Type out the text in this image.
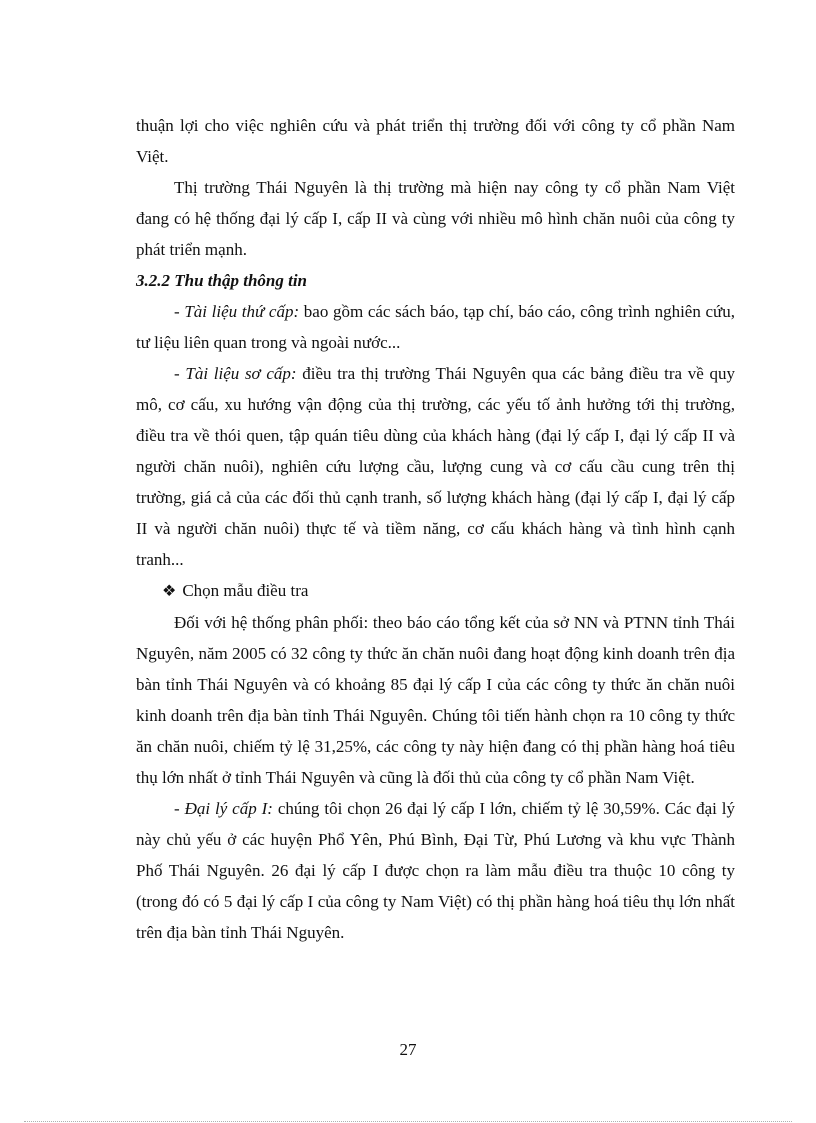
thuận lợi cho việc nghiên cứu và phát triển thị trường đối với công ty cổ phần Nam Việt.

Thị trường Thái Nguyên là thị trường mà hiện nay công ty cổ phần Nam Việt đang có hệ thống đại lý cấp I, cấp II và cùng với nhiều mô hình chăn nuôi của công ty phát triển mạnh.

3.2.2 Thu thập thông tin

- Tài liệu thứ cấp: bao gồm các sách báo, tạp chí, báo cáo, công trình nghiên cứu, tư liệu liên quan trong và ngoài nước...

- Tài liệu sơ cấp: điều tra thị trường Thái Nguyên qua các bảng điều tra về quy mô, cơ cấu, xu hướng vận động của thị trường, các yếu tố ảnh hưởng tới thị trường, điều tra về thói quen, tập quán tiêu dùng của khách hàng (đại lý cấp I, đại lý cấp II và người chăn nuôi), nghiên cứu lượng cầu, lượng cung và cơ cấu cầu cung trên thị trường, giá cả của các đối thủ cạnh tranh, số lượng khách hàng (đại lý cấp I, đại lý cấp II và người chăn nuôi) thực tế và tiềm năng, cơ cấu khách hàng và tình hình cạnh tranh...

❖ Chọn mẫu điều tra

Đối với hệ thống phân phối: theo báo cáo tổng kết của sở NN và PTNN tỉnh Thái Nguyên, năm 2005 có 32 công ty thức ăn chăn nuôi đang hoạt động kinh doanh trên địa bàn tỉnh Thái Nguyên và có khoảng 85 đại lý cấp I của các công ty thức ăn chăn nuôi kinh doanh trên địa bàn tỉnh Thái Nguyên. Chúng tôi tiến hành chọn ra 10 công ty thức ăn chăn nuôi, chiếm tỷ lệ 31,25%, các công ty này hiện đang có thị phần hàng hoá tiêu thụ lớn nhất ở tỉnh Thái Nguyên và cũng là đối thủ của công ty cổ phần Nam Việt.

- Đại lý cấp I: chúng tôi chọn 26 đại lý cấp I lớn, chiếm tỷ lệ 30,59%. Các đại lý này chủ yếu ở các huyện Phổ Yên, Phú Bình, Đại Từ, Phú Lương và khu vực Thành Phố Thái Nguyên. 26 đại lý cấp I được chọn ra làm mẫu điều tra thuộc 10 công ty (trong đó có 5 đại lý cấp I của công ty Nam Việt) có thị phần hàng hoá tiêu thụ lớn nhất trên địa bàn tỉnh Thái Nguyên.

27
